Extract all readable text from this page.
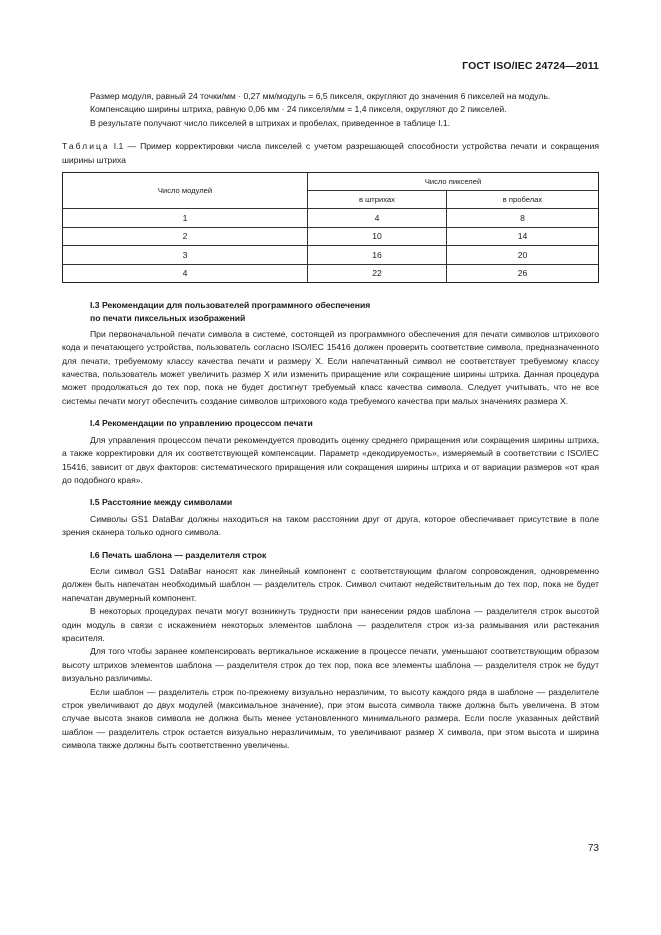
ГОСТ ISO/IEC 24724—2011

Размер модуля, равный 24 точки/мм · 0,27 мм/модуль = 6,5 пикселя, округляют до значения 6 пикселей на модуль.

Компенсацию ширины штриха, равную 0,06 мм · 24 пикселя/мм = 1,4 пикселя, округляют до 2 пикселей.

В результате получают число пикселей в штрихах и пробелах, приведенное в таблице I.1.

Таблица I.1 — Пример корректировки числа пикселей с учетом разрешающей способности устройства печати и сокращения ширины штриха

Число модулей	Число пикселей	
	в штрихах	в пробелах
1	4	8
2	10	14
3	16	20
4	22	26

I.3 Рекомендации для пользователей программного обеспечения

по печати пиксельных изображений

При первоначальной печати символа в системе, состоящей из программного обеспечения для печати символов штрихового кода и печатающего устройства, пользователь согласно ISO/IEC 15416 должен проверить соответствие символа, предназначенного для печати, требуемому классу качества печати и размеру X. Если напечатанный символ не соответствует требуемому классу качества, пользователь может увеличить размер X или изменить приращение или сокращение ширины штриха. Данная процедура может продолжаться до тех пор, пока не будет достигнут требуемый класс качества символа. Следует учитывать, что не все системы печати могут обеспечить создание символов штрихового кода требуемого качества при малых значениях размера X.

I.4 Рекомендации по управлению процессом печати

Для управления процессом печати рекомендуется проводить оценку среднего приращения или сокращения ширины штриха, а также корректировки для их соответствующей компенсации. Параметр «декодируемость», измеряемый в соответствии с ISO/IEC 15416, зависит от двух факторов: систематического приращения или сокращения ширины штриха и от вариации размеров «от края до подобного края».

I.5 Расстояние между символами

Символы GS1 DataBar должны находиться на таком расстоянии друг от друга, которое обеспечивает присутствие в поле зрения сканера только одного символа.

I.6 Печать шаблона — разделителя строк

Если символ GS1 DataBar наносят как линейный компонент с соответствующим флагом сопровождения, одновременно должен быть напечатан необходимый шаблон — разделитель строк. Символ считают недействительным до тех пор, пока не будет напечатан двумерный компонент.

В некоторых процедурах печати могут возникнуть трудности при нанесении рядов шаблона — разделителя строк высотой один модуль в связи с искажением некоторых элементов шаблона — разделителя строк из-за размывания или растекания красителя.

Для того чтобы заранее компенсировать вертикальное искажение в процессе печати, уменьшают соответствующим образом высоту штрихов элементов шаблона — разделителя строк до тех пор, пока все элементы шаблона — разделителя строк не будут визуально различимы.

Если шаблон — разделитель строк по-прежнему визуально неразличим, то высоту каждого ряда в шаблоне — разделителе строк увеличивают до двух модулей (максимальное значение), при этом высота символа также должна быть увеличена. В этом случае высота знаков символа не должна быть менее установленного минимального размера. Если после указанных действий шаблон — разделитель строк остается визуально неразличимым, то увеличивают размер X символа, при этом высота и ширина символа также должны быть соответственно увеличены.

73
